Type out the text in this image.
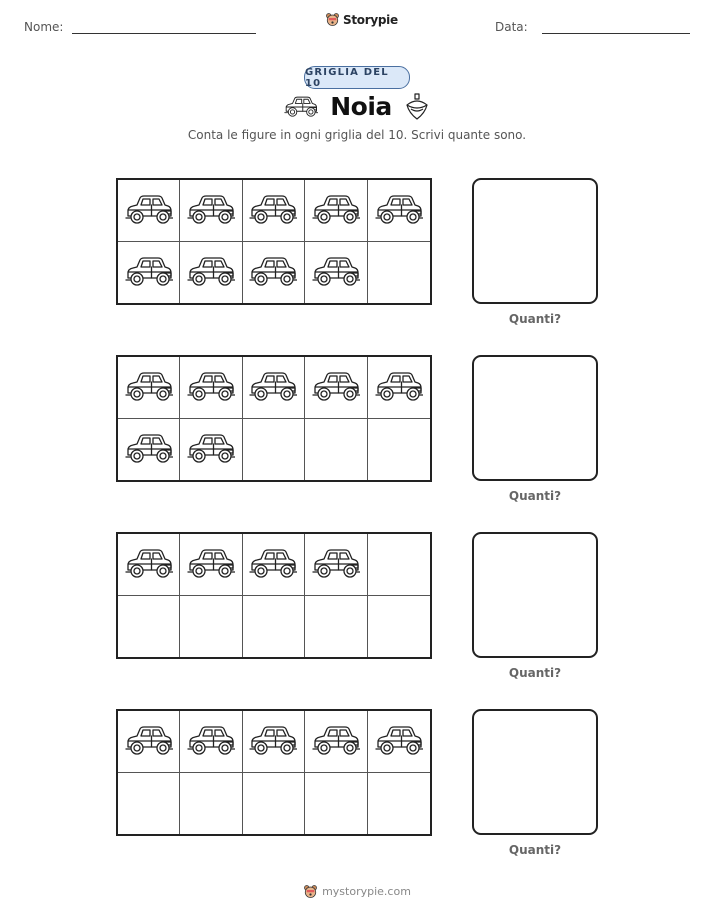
Nome:
Storypie
Data:
GRIGLIA DEL 10
Noia
Conta le figure in ogni griglia del 10. Scrivi quante sono.
Quanti?
Quanti?
Quanti?
Quanti?
mystorypie.com
